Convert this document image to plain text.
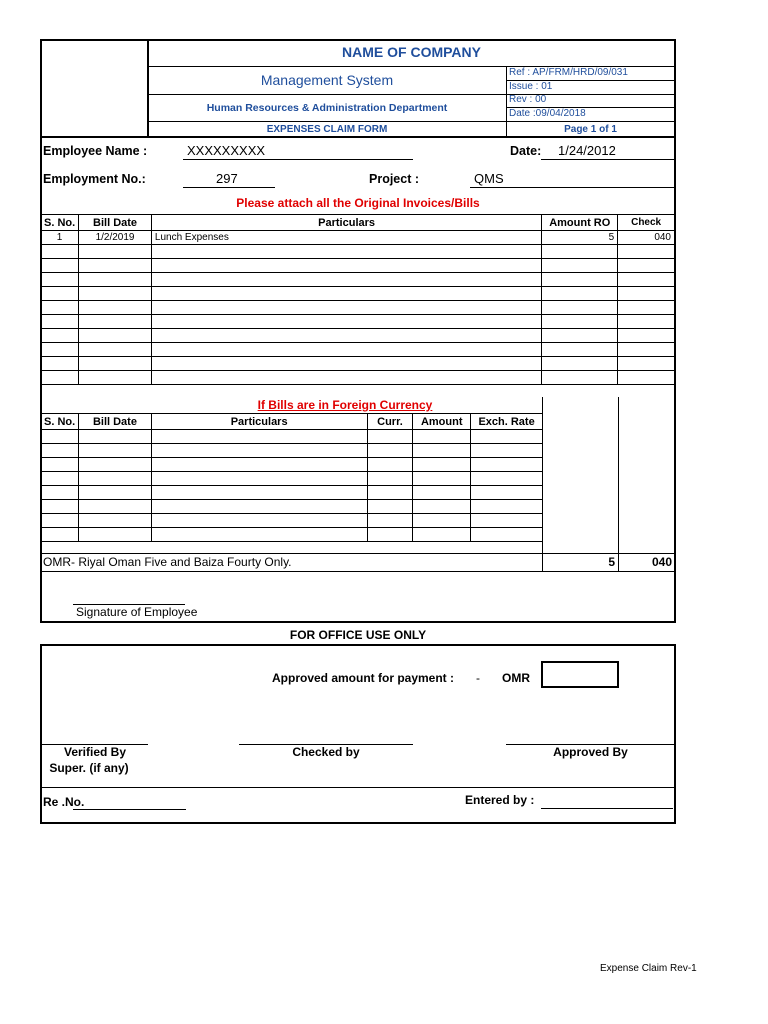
NAME OF COMPANY
Management System
Human Resources & Administration Department
EXPENSES CLAIM FORM
Ref : AP/FRM/HRD/09/031
Issue : 01
Rev : 00
Date :09/04/2018
Page 1 of 1
Employee Name :	XXXXXXXXX	Date: 1/24/2012
Employment No.:	297	Project :	QMS
Please attach all the Original Invoices/Bills
S. No.	Bill Date	Particulars	Amount RO	Check
1	1/2/2019	Lunch Expenses	5	040

If Bills are in Foreign Currency
S. No.	Bill Date	Particulars	Curr.	Amount	Exch. Rate

OMR- Riyal Oman Five and Baiza Fourty Only.	5	040
Signature of Employee
FOR OFFICE USE ONLY
Approved amount for payment : - OMR
Verified By
Super. (if any)
Checked by	Approved By
Re .No.	Entered by :
Expense Claim Rev-1
